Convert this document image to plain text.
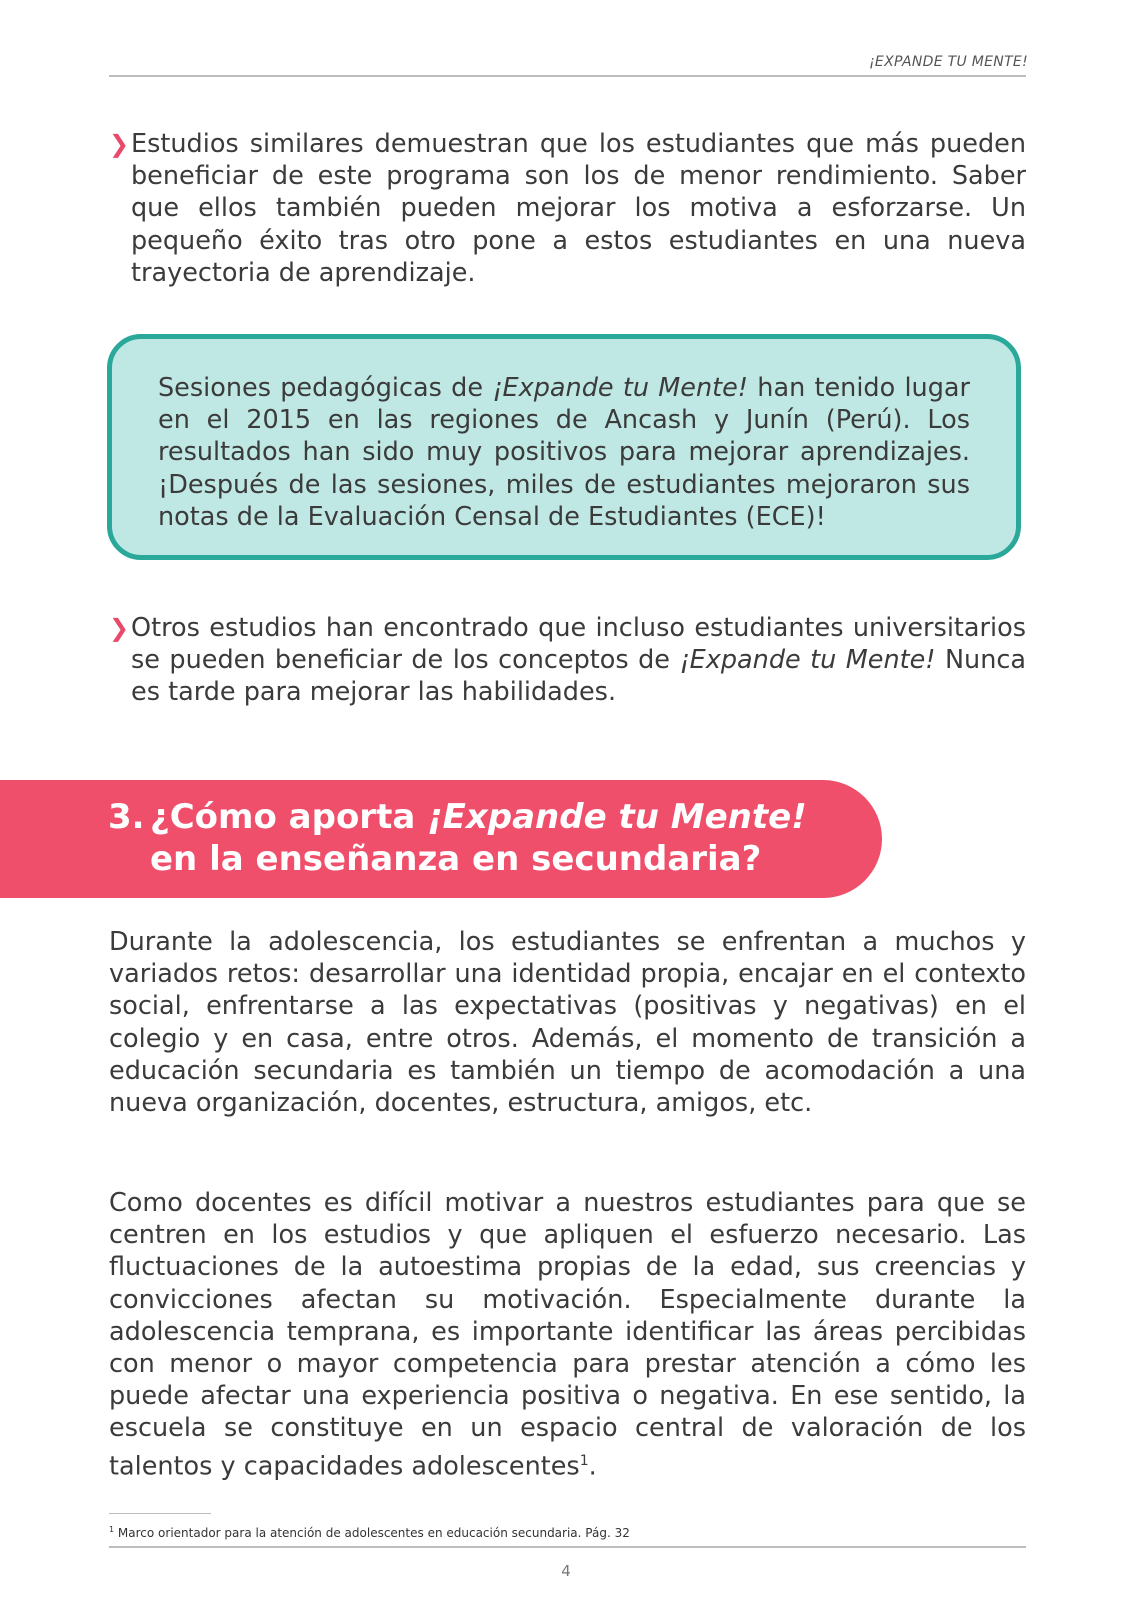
¡EXPANDE TU MENTE!
❯ Estudios similares demuestran que los estudiantes que más pueden beneficiar de este programa son los de menor rendimiento. Saber que ellos también pueden mejorar los motiva a esforzarse. Un pequeño éxito tras otro pone a estos estudiantes en una nueva trayectoria de aprendizaje.
Sesiones pedagógicas de ¡Expande tu Mente! han tenido lugar en el 2015 en las regiones de Ancash y Junín (Perú). Los resultados han sido muy positivos para mejorar aprendizajes. ¡Después de las sesiones, miles de estudiantes mejoraron sus notas de la Evaluación Censal de Estudiantes (ECE)!
❯ Otros estudios han encontrado que incluso estudiantes universitarios se pueden beneficiar de los conceptos de ¡Expande tu Mente! Nunca es tarde para mejorar las habilidades.
3. ¿Cómo aporta ¡Expande tu Mente!
en la enseñanza en secundaria?
Durante la adolescencia, los estudiantes se enfrentan a muchos y variados retos: desarrollar una identidad propia, encajar en el contexto social, enfrentarse a las expectativas (positivas y negativas) en el colegio y en casa, entre otros. Además, el momento de transición a educación secundaria es también un tiempo de acomodación a una nueva organización, docentes, estructura, amigos, etc.
Como docentes es difícil motivar a nuestros estudiantes para que se centren en los estudios y que apliquen el esfuerzo necesario. Las fluctuaciones de la autoestima propias de la edad, sus creencias y convicciones afectan su motivación. Especialmente durante la adolescencia temprana, es importante identificar las áreas percibidas con menor o mayor competencia para prestar atención a cómo les puede afectar una experiencia positiva o negativa. En ese sentido, la escuela se constituye en un espacio central de valoración de los talentos y capacidades adolescentes$^1$.
$^1$ Marco orientador para la atención de adolescentes en educación secundaria. Pág. 32
4
